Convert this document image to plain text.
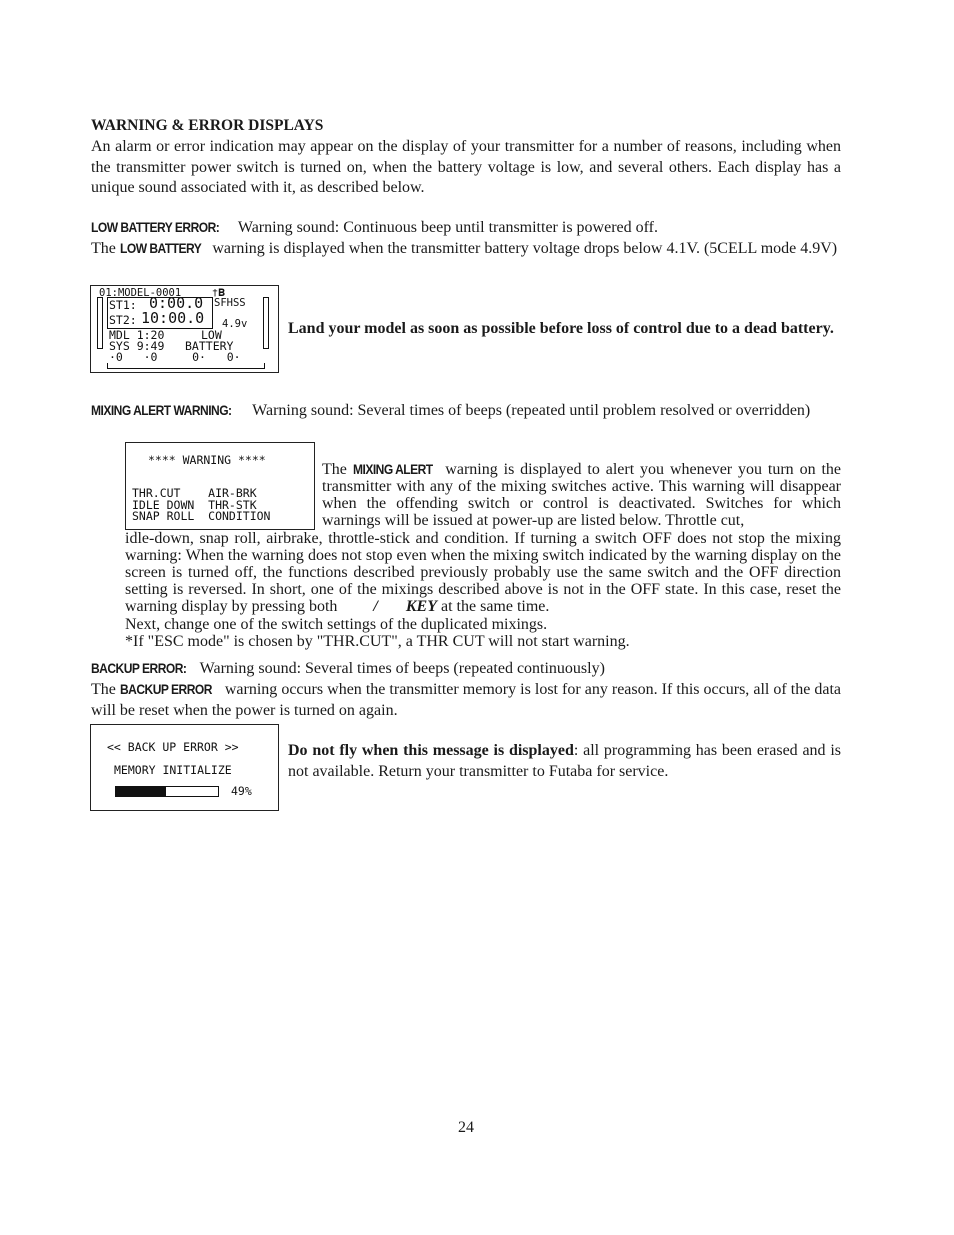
WARNING & ERROR DISPLAYS
An alarm or error indication may appear on the display of your transmitter for a number of reasons, including when the transmitter power switch is turned on, when the battery voltage is low, and several others. Each display has a unique sound associated with it, as described below.
LOW BATTERY ERROR: Warning sound: Continuous beep until transmitter is powered off.
The LOW BATTERY warning is displayed when the transmitter battery voltage drops below 4.1V. (5CELL mode 4.9V)
01:MODEL-0001	†𝐁
ST1: 0:00.0
ST2: 10:00.0
SFHSS
4.9v
MDL 1:20
SYS 9:49
LOW
BATTERY
·0   ·0     0·   0·
Land your model as soon as possible before loss of control due to a dead battery.
MIXING ALERT WARNING: Warning sound: Several times of beeps (repeated until problem resolved or overridden)
**** WARNING ****
THR.CUT    AIR-BRK
IDLE DOWN  THR-STK
SNAP ROLL  CONDITION
The MIXING ALERT warning is displayed to alert you whenever you turn on the transmitter with any of the mixing switches active. This warning will disappear when the offending switch or control is deactivated. Switches for which warnings will be issued at power-up are listed below. Throttle cut,
idle-down, snap roll, airbrake, throttle-stick and condition. If turning a switch OFF does not stop the mixing warning: When the warning does not stop even when the mixing switch indicated by the warning display on the screen is turned off, the functions described previously probably use the same switch and the OFF direction setting is reversed. In short, one of the mixings described above is not in the OFF state. In this case, reset the warning display by pressing both / KEY at the same time.
Next, change one of the switch settings of the duplicated mixings.
*If "ESC mode" is chosen by "THR.CUT", a THR CUT will not start warning.
BACKUP ERROR: Warning sound: Several times of beeps (repeated continuously)
The BACKUP ERROR warning occurs when the transmitter memory is lost for any reason. If this occurs, all of the data will be reset when the power is turned on again.
<< BACK UP ERROR >>
MEMORY INITIALIZE
49%
Do not fly when this message is displayed: all programming has been erased and is not available. Return your transmitter to Futaba for service.
24
